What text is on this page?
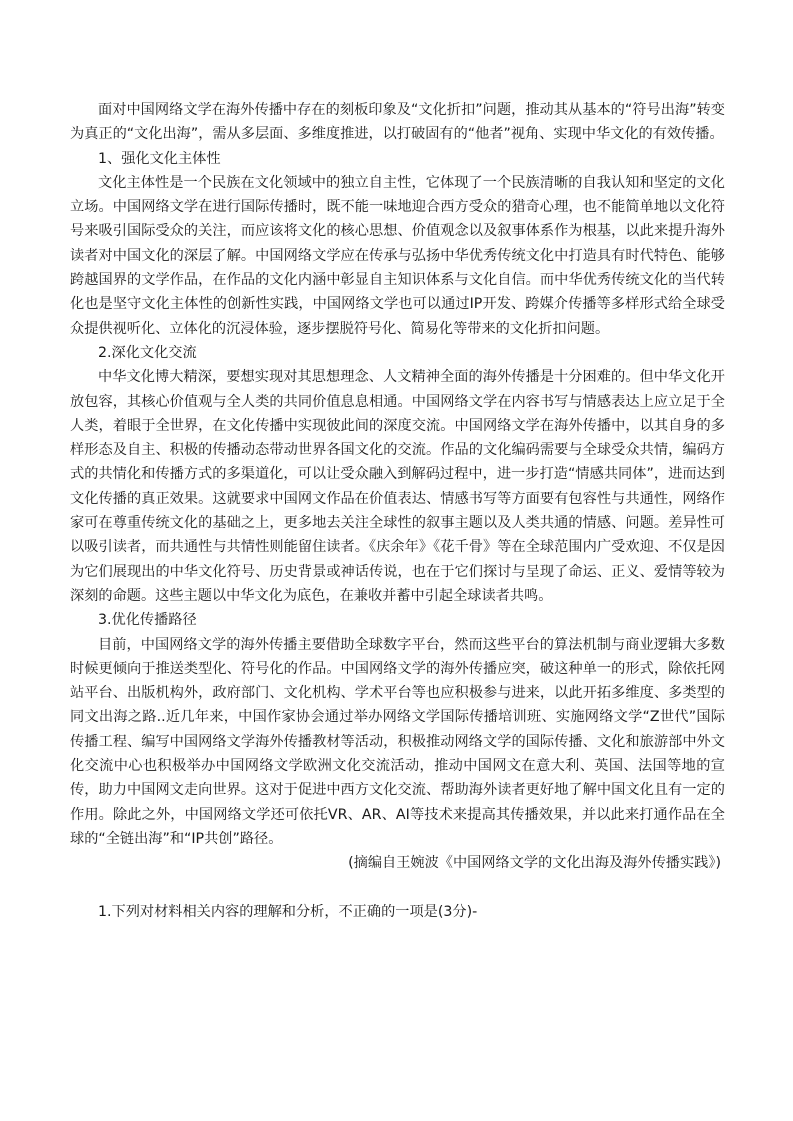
面对中国网络文学在海外传播中存在的刻板印象及“文化折扣”问题，推动其从基本的“符号出海”转变为真正的“文化出海”，需从多层面、多维度推进，以打破固有的“他者”视角、实现中华文化的有效传播。

1、强化文化主体性

文化主体性是一个民族在文化领域中的独立自主性，它体现了一个民族清晰的自我认知和坚定的文化立场。中国网络文学在进行国际传播时，既不能一味地迎合西方受众的猎奇心理，也不能简单地以文化符号来吸引国际受众的关注，而应该将文化的核心思想、价值观念以及叙事体系作为根基，以此来提升海外读者对中国文化的深层了解。中国网络文学应在传承与弘扬中华优秀传统文化中打造具有时代特色、能够跨越国界的文学作品，在作品的文化内涵中彰显自主知识体系与文化自信。而中华优秀传统文化的当代转化也是坚守文化主体性的创新性实践，中国网络文学也可以通过IP开发、跨媒介传播等多样形式给全球受众提供视听化、立体化的沉浸体验，逐步摆脱符号化、简易化等带来的文化折扣问题。

2.深化文化交流

中华文化博大精深，要想实现对其思想理念、人文精神全面的海外传播是十分困难的。但中华文化开放包容，其核心价值观与全人类的共同价值息息相通。中国网络文学在内容书写与情感表达上应立足于全人类，着眼于全世界，在文化传播中实现彼此间的深度交流。中国网络文学在海外传播中，以其自身的多样形态及自主、积极的传播动态带动世界各国文化的交流。作品的文化编码需要与全球受众共情，编码方式的共情化和传播方式的多渠道化，可以让受众融入到解码过程中，进一步打造“情感共同体”，进而达到文化传播的真正效果。这就要求中国网文作品在价值表达、情感书写等方面要有包容性与共通性，网络作家可在尊重传统文化的基础之上，更多地去关注全球性的叙事主题以及人类共通的情感、问题。差异性可以吸引读者，而共通性与共情性则能留住读者。《庆余年》《花千骨》等在全球范围内广受欢迎、不仅是因为它们展现出的中华文化符号、历史背景或神话传说，也在于它们探讨与呈现了命运、正义、爱情等较为深刻的命题。这些主题以中华文化为底色，在兼收并蓄中引起全球读者共鸣。

3.优化传播路径

目前，中国网络文学的海外传播主要借助全球数字平台，然而这些平台的算法机制与商业逻辑大多数时候更倾向于推送类型化、符号化的作品。中国网络文学的海外传播应突，破这种单一的形式，除依托网站平台、出版机构外，政府部门、文化机构、学术平台等也应积极参与进来，以此开拓多维度、多类型的同文出海之路..近几年来，中国作家协会通过举办网络文学国际传播培训班、实施网络文学“Z世代”国际传播工程、编写中国网络文学海外传播教材等活动，积极推动网络文学的国际传播、文化和旅游部中外文化交流中心也积极举办中国网络文学欧洲文化交流活动，推动中国网文在意大利、英国、法国等地的宣传，助力中国网文走向世界。这对于促进中西方文化交流、帮助海外读者更好地了解中国文化且有一定的作用。除此之外，中国网络文学还可依托VR、AR、AI等技术来提高其传播效果，并以此来打通作品在全球的“全链出海”和“IP共创”路径。

(摘编自王婉波《中国网络文学的文化出海及海外传播实践》)

1.下列对材料相关内容的理解和分析，不正确的一项是(3分)-
